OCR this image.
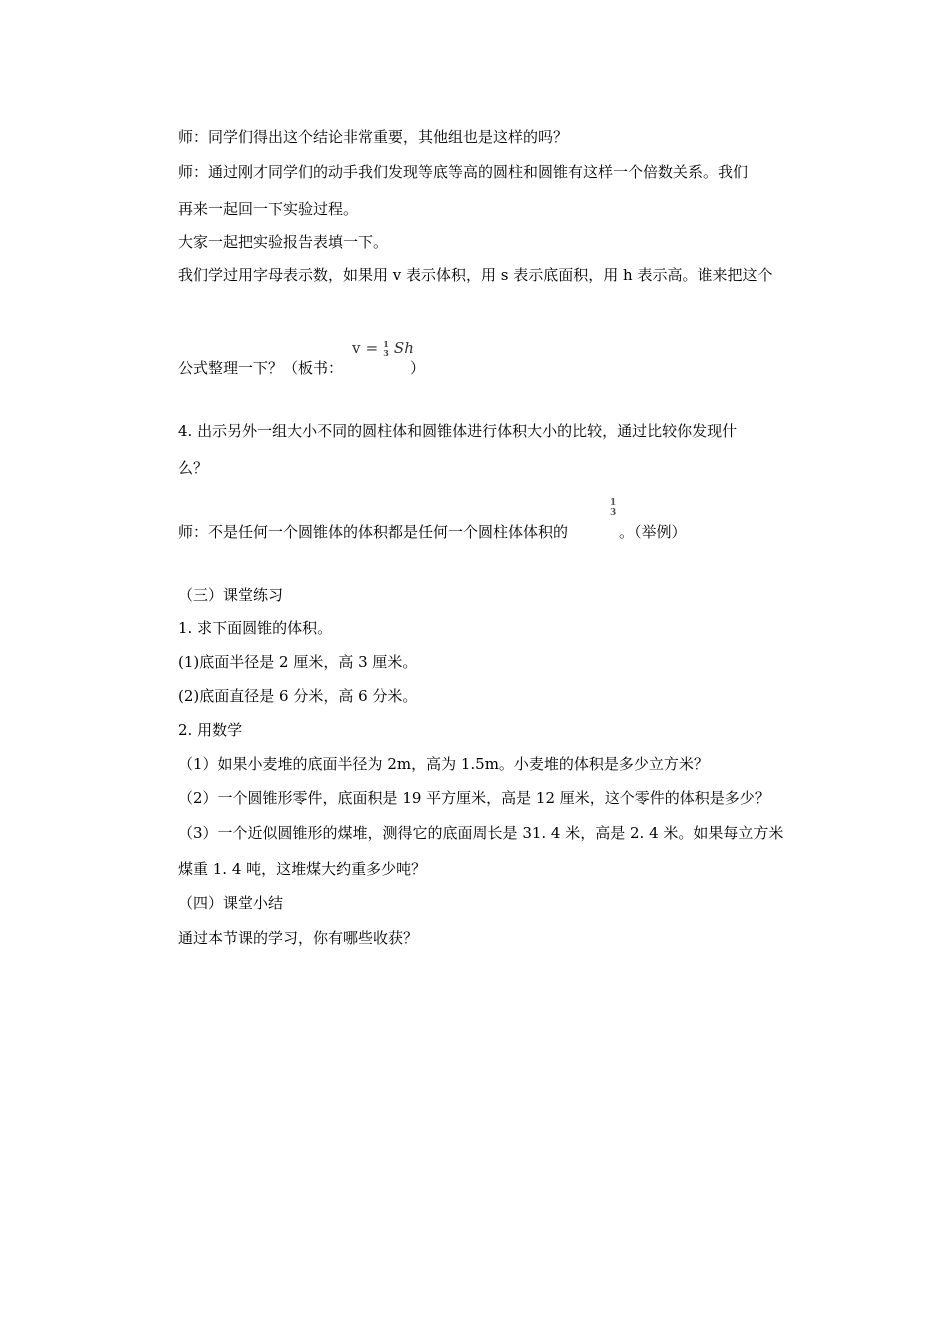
师：同学们得出这个结论非常重要，其他组也是这样的吗？
师：通过刚才同学们的动手我们发现等底等高的圆柱和圆锥有这样一个倍数关系。我们
再来一起回一下实验过程。
大家一起把实验报告表填一下。
我们学过用字母表示数，如果用 v 表示体积，用 s 表示底面积，用 h 表示高。谁来把这个
v = 1
3 Sh
公式整理一下？（板书：	）
4. 出示另外一组大小不同的圆柱体和圆锥体进行体积大小的比较，通过比较你发现什
么？
1
3
师：不是任何一个圆锥体的体积都是任何一个圆柱体体积的	。（举例）
（三）课堂练习
1. 求下面圆锥的体积。
(1)底面半径是 2 厘米，高 3 厘米。
(2)底面直径是 6 分米，高 6 分米。
2. 用数学
（1）如果小麦堆的底面半径为 2m，高为 1.5m。小麦堆的体积是多少立方米？
（2）一个圆锥形零件，底面积是 19 平方厘米，高是 12 厘米，这个零件的体积是多少？
（3）一个近似圆锥形的煤堆，测得它的底面周长是 31. 4 米，高是 2. 4 米。如果每立方米
煤重 1. 4 吨，这堆煤大约重多少吨？
（四）课堂小结
通过本节课的学习，你有哪些收获？
